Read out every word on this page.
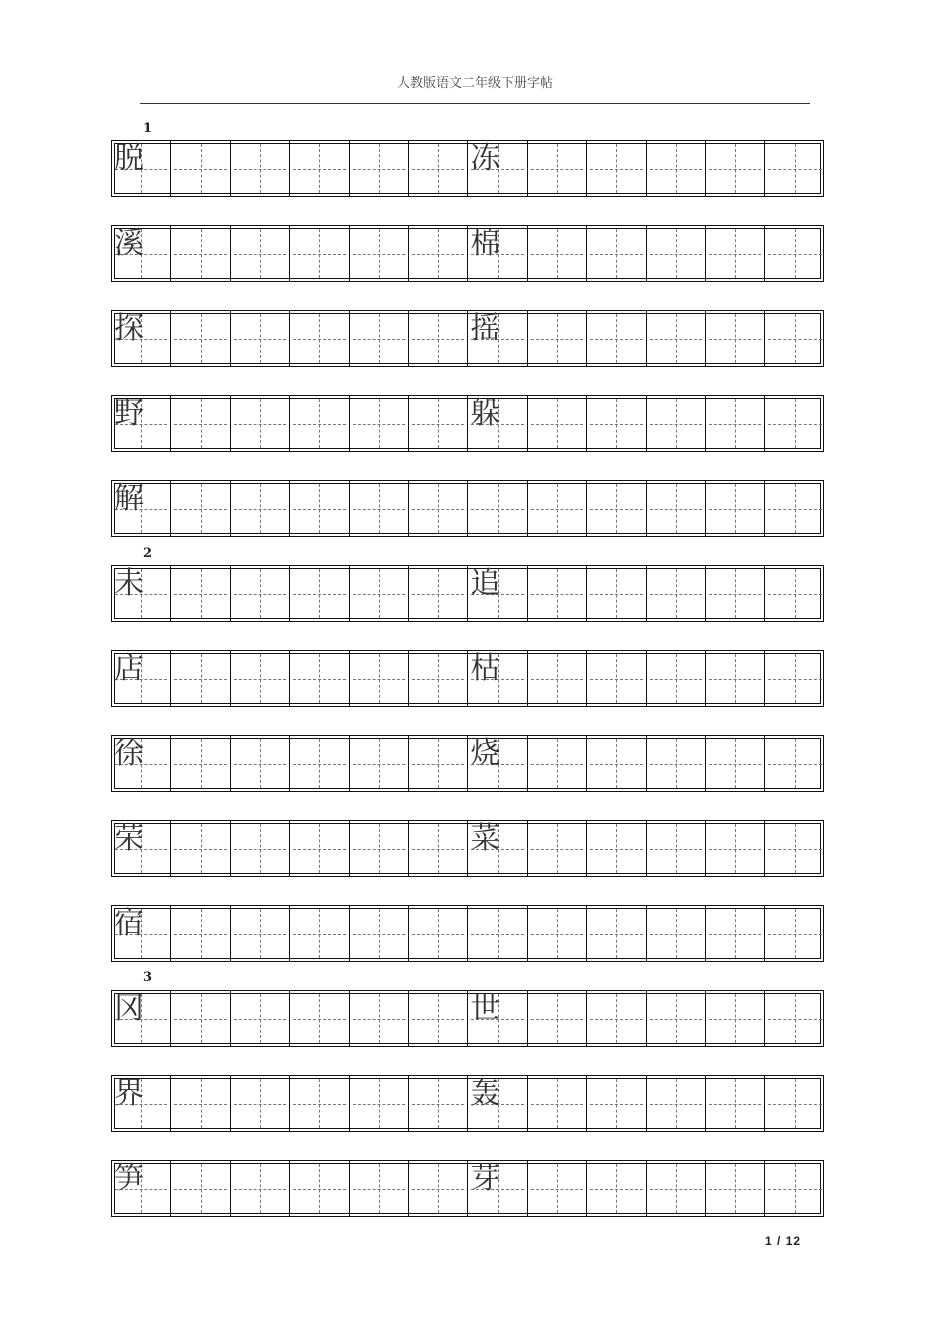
人教版语文二年级下册字帖
1
脱	冻
溪	棉
探	摇
野	躲
解
2
未	追
店	枯
徐	烧
荣	菜
宿
3
冈	世
界	轰
笋	芽
1 / 12
